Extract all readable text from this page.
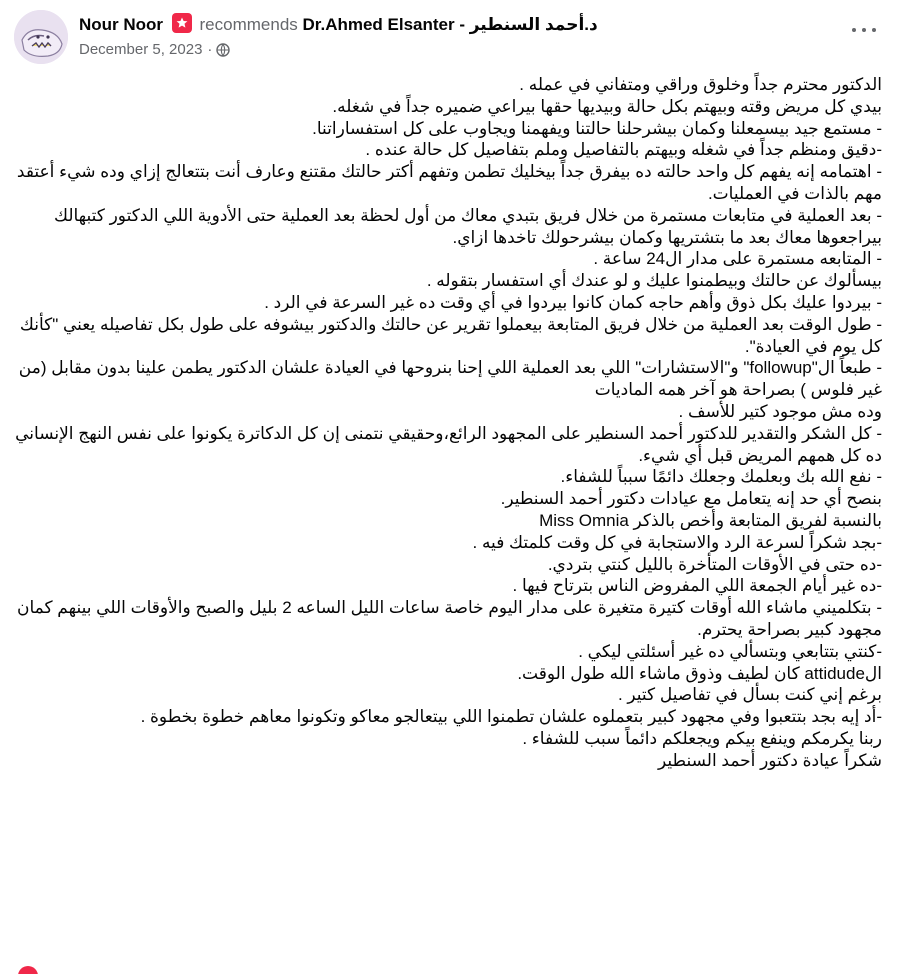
Nour Noor recommends Dr.Ahmed Elsanter - د.أحمد السنطير
December 5, 2023 ·

الدكتور محترم جداً وخلوق وراقي ومتفاني في عمله .

بيدي كل مريض وقته وبيهتم بكل حالة وبيديها حقها بيراعي ضميره جداً في شغله.

- مستمع جيد بيسمعلنا وكمان بيشرحلنا حالتنا ويفهمنا ويجاوب على كل استفساراتنا.

-دقيق ومنظم جداً في شغله وبيهتم بالتفاصيل وملم بتفاصيل كل حالة عنده .

- اهتمامه إنه يفهم كل واحد حالته ده بيفرق جداً بيخليك تطمن وتفهم أكتر حالتك مقتنع وعارف أنت بتتعالج إزاي وده شيء أعتقد مهم بالذات في العمليات.

- بعد العملية في متابعات مستمرة من خلال فريق بتبدي معاك من أول لحظة بعد العملية حتى الأدوية اللي الدكتور كتبهالك

بيراجعوها معاك بعد ما بتشتريها وكمان بيشرحولك تاخدها ازاي.

- المتابعه مستمرة على مدار ال24 ساعة .

بيسألوك عن حالتك وبيطمنوا عليك و لو عندك أي استفسار بتقوله .

- بيردوا عليك بكل ذوق وأهم حاجه كمان كانوا بيردوا في أي وقت ده غير السرعة في الرد .

- طول الوقت بعد العملية من خلال فريق المتابعة بيعملوا تقرير عن حالتك والدكتور بيشوفه على طول بكل تفاصيله يعني "كأنك كل يوم في العيادة".

- طبعاً ال"followup" و"الاستشارات" اللي بعد العملية اللي إحنا بنروحها في العيادة علشان الدكتور يطمن علينا بدون مقابل (من غير فلوس ) بصراحة هو آخر همه الماديات

وده مش موجود كتير للأسف .

- كل الشكر والتقدير للدكتور أحمد السنطير على المجهود الرائع،وحقيقي نتمنى إن كل الدكاترة يكونوا على نفس النهج الإنساني ده كل همهم المريض قبل أي شيء.

- نفع الله بك وبعلمك وجعلك دائمًا سبباً للشفاء.

بنصح أي حد إنه يتعامل مع عيادات دكتور أحمد السنطير.

بالنسبة لفريق المتابعة وأخص بالذكر Miss Omnia

-بجد شكراً لسرعة الرد والاستجابة في كل وقت كلمتك فيه .

-ده حتى في الأوقات المتأخرة بالليل كنتي بتردي.

-ده غير أيام الجمعة اللي المفروض الناس بترتاح فيها .

- بتكلميني ماشاء الله أوقات كتيرة متغيرة على مدار اليوم خاصة ساعات الليل الساعه 2 بليل والصبح والأوقات اللي بينهم كمان مجهود كبير بصراحة يحترم.

-كنتي بتتابعي وبتسألي ده غير أسئلتي ليكي .

الattidude كان لطيف وذوق ماشاء الله طول الوقت.

برغم إني كنت بسأل في تفاصيل كتير .

-أد إيه بجد بتتعبوا وفي مجهود كبير بتعملوه علشان تطمنوا اللي بيتعالجو معاكو وتكونوا معاهم خطوة بخطوة .

ربنا يكرمكم وينفع بيكم ويجعلكم دائماً سبب للشفاء .

شكراً عيادة دكتور أحمد السنطير
